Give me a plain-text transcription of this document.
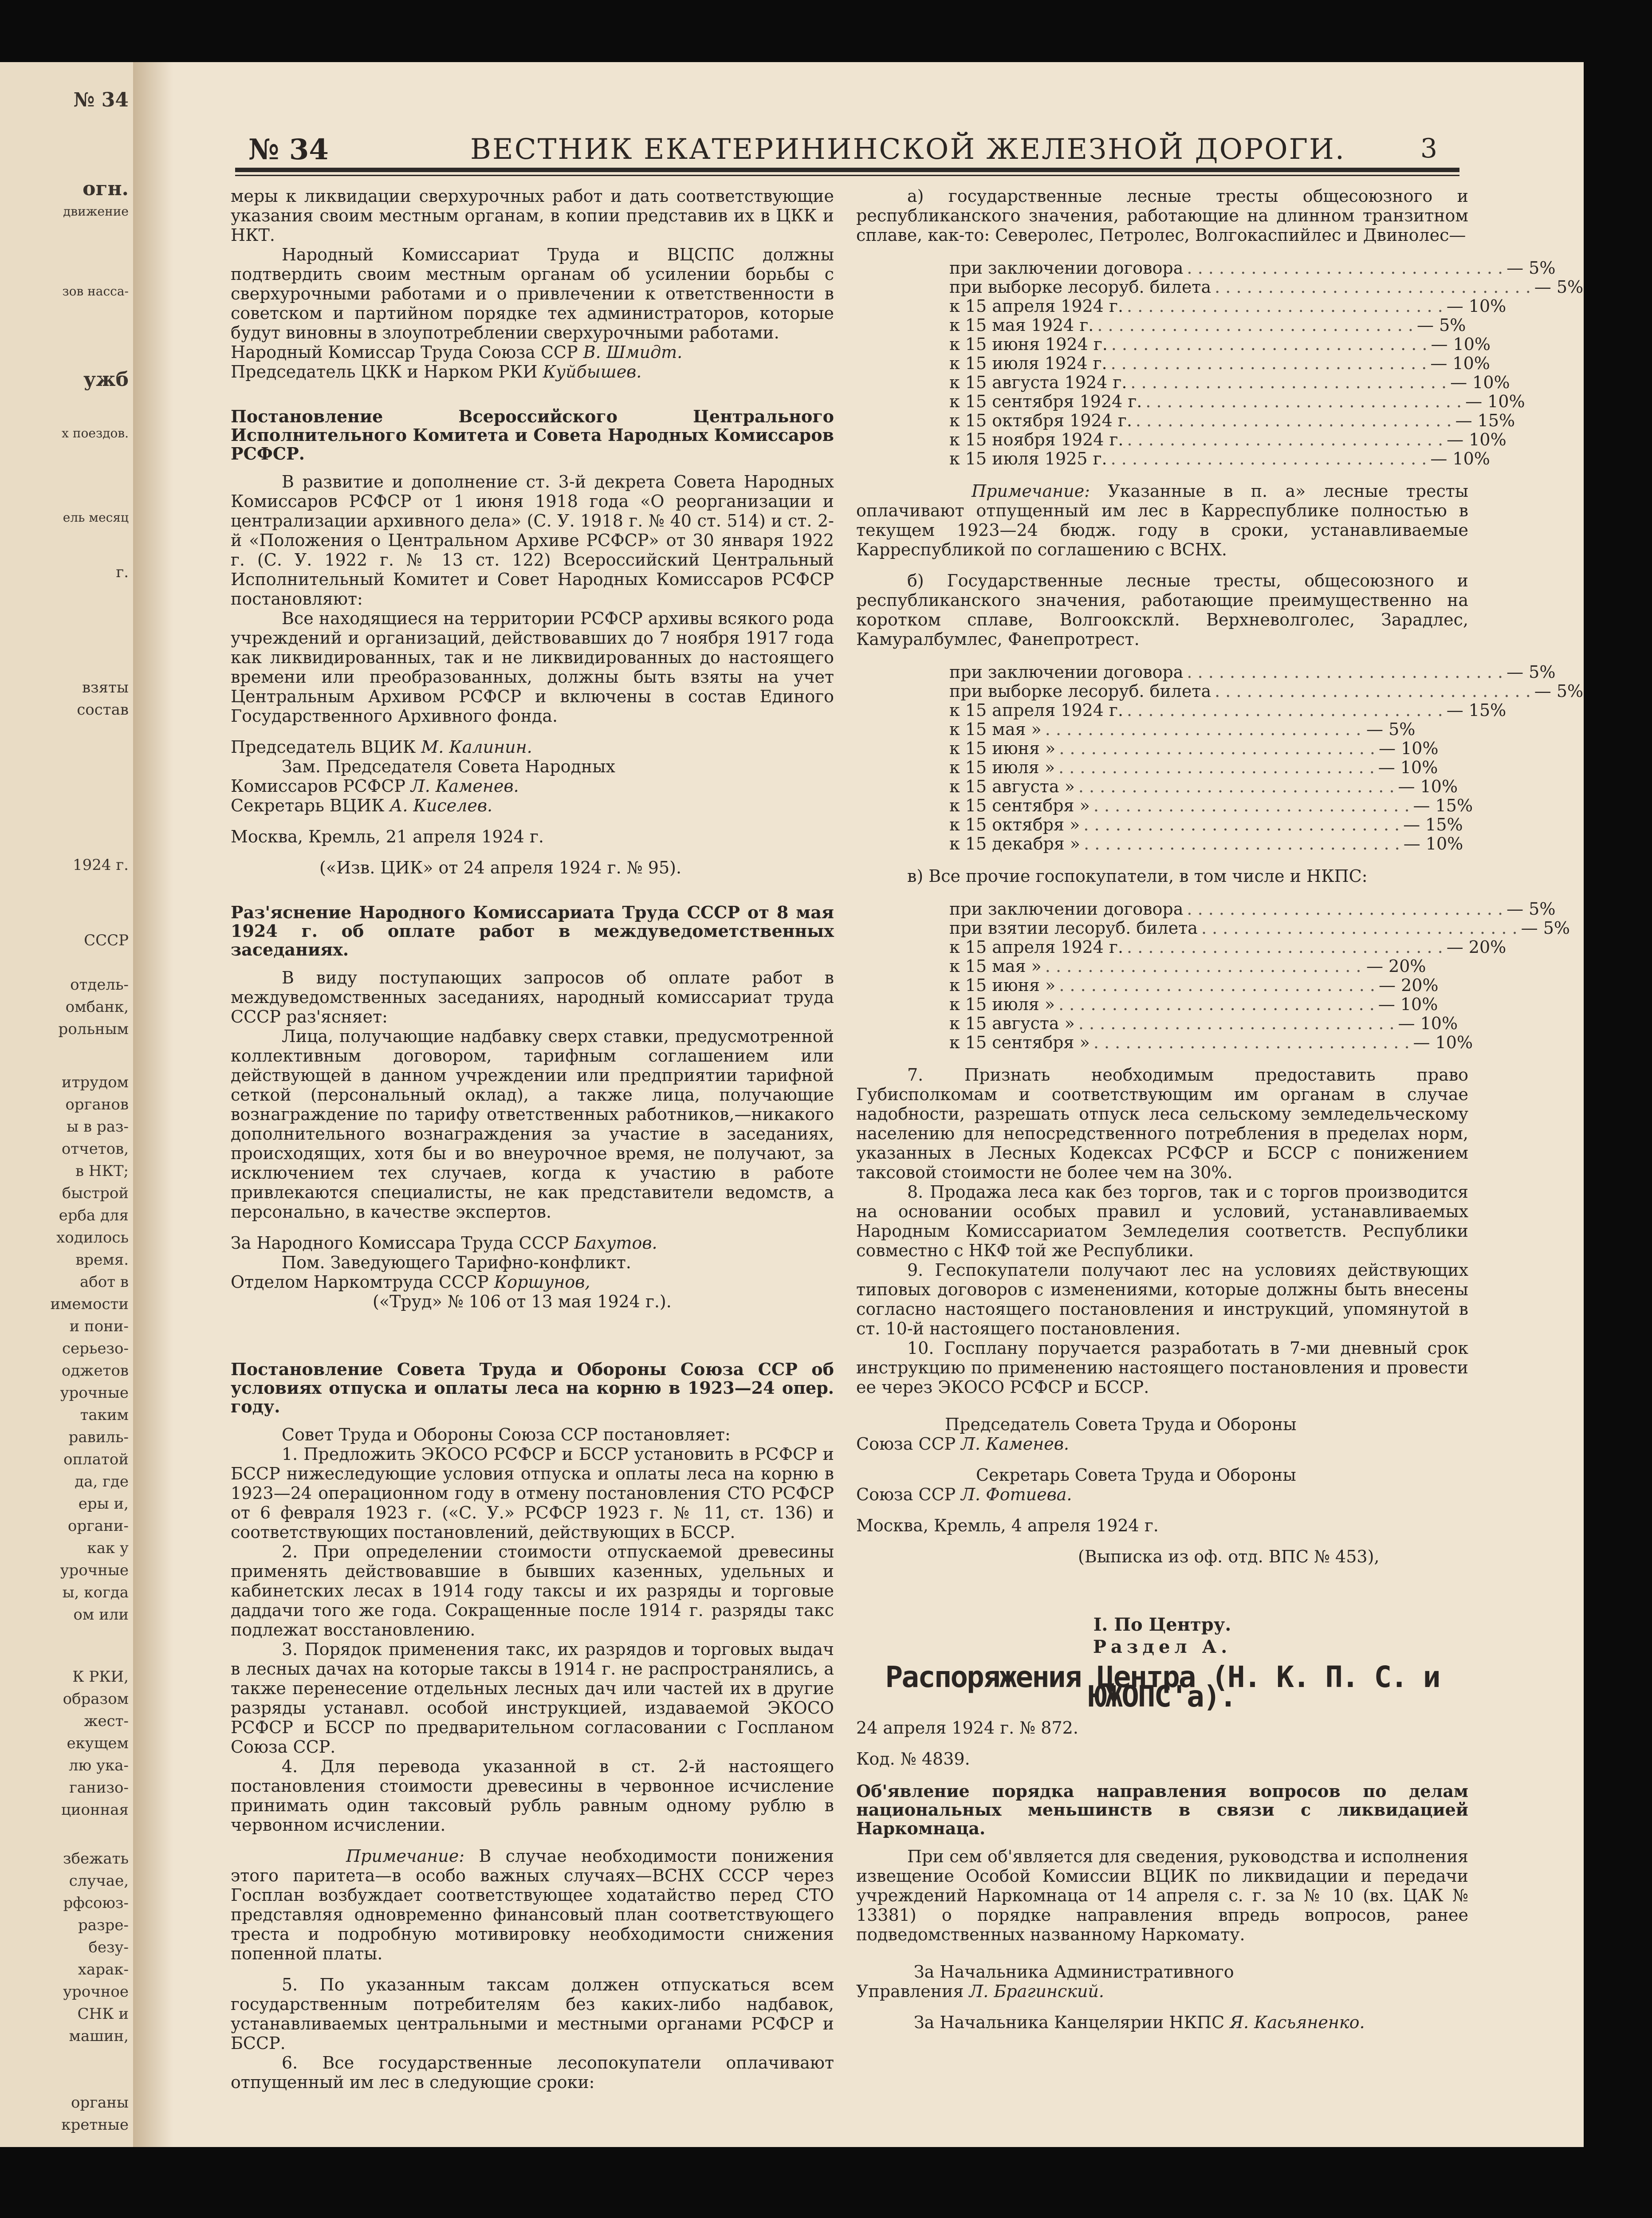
№ 34
огн.
движение
зов насса-
ужб
х поездов.
ель месяц
г.
взяты
состав
1924 г.
СССР
отдель-
омбанк,
рольным
итрудом
органов
ы в раз-
отчетов,
в НКТ;
быстрой
ерба для
ходилось
время.
абот в
имемости
и пони-
серьезо-
оджетов
урочные
таким
равиль-
оплатой
да, где
еры и,
органи-
как у
урочные
ы, когда
ом или
К РКИ,
образом
жест-
екущем
лю ука-
ганизо-
ционная
збежать
случае,
рфсоюз-
разре-
безу-
харак-
урочное
СНК и
машин,
органы
кретные
№ 34	ВЕСТНИК ЕКАТЕРИНИНСКОЙ ЖЕЛЕЗНОЙ ДОРОГИ.	3

меры к ликвидации сверхурочных работ и дать соответствующие указания своим местным органам, в копии представив их в ЦКК и НКТ.

Народный Комиссариат Труда и ВЦСПС должны подтвердить своим местным органам об усилении борьбы с сверхурочными работами и о привлечении к ответственности в советском и партийном порядке тех администраторов, которые будут виновны в злоупотреблении сверхурочными работами.

Народный Комиссар Труда Союза ССР В. Шмидт.

Председатель ЦКК и Нарком РКИ Куйбышев.

Постановление Всероссийского Центрального Исполнительного Комитета и Совета Народных Комиссаров РСФСР.

В развитие и дополнение ст. 3-й декрета Совета Народных Комиссаров РСФСР от 1 июня 1918 года «О реорганизации и централизации архивного дела» (С. У. 1918 г. № 40 ст. 514) и ст. 2-й «Положения о Центральном Архиве РСФСР» от 30 января 1922 г. (С. У. 1922 г. № 13 ст. 122) Всероссийский Центральный Исполнительный Комитет и Совет Народных Комиссаров РСФСР постановляют:

Все находящиеся на территории РСФСР архивы всякого рода учреждений и организаций, действовавших до 7 ноября 1917 года как ликвидированных, так и не ликвидированных до настоящего времени или преобразованных, должны быть взяты на учет Центральным Архивом РСФСР и включены в состав Единого Государственного Архивного фонда.

Председатель ВЦИК М. Калинин.

Зам. Председателя Совета Народных

Комиссаров РСФСР Л. Каменев.

Секретарь ВЦИК А. Киселев.

Москва, Кремль, 21 апреля 1924 г.

(«Изв. ЦИК» от 24 апреля 1924 г. № 95).

Раз'яснение Народного Комиссариата Труда СССР от 8 мая 1924 г. об оплате работ в междуведометственных заседаниях.

В виду поступающих запросов об оплате работ в междуведомственных заседаниях, народный комиссариат труда СССР раз'ясняет:

Лица, получающие надбавку сверх ставки, предусмотренной коллективным договором, тарифным соглашением или действующей в данном учреждении или предприятии тарифной сеткой (персональный оклад), а также лица, получающие вознаграждение по тарифу ответственных работников,—никакого дополнительного вознаграждения за участие в заседаниях, происходящих, хотя бы и во внеурочное время, не получают, за исключением тех случаев, когда к участию в работе привлекаются специалисты, не как представители ведомств, а персонально, в качестве экспертов.

За Народного Комиссара Труда СССР Бахутов.

Пом. Заведующего Тарифно-конфликт.

Отделом Наркомтруда СССР Коршунов,

(«Труд» № 106 от 13 мая 1924 г.).

Постановление Совета Труда и Обороны Союза ССР об условиях отпуска и оплаты леса на корню в 1923—24 опер. году.

Совет Труда и Обороны Союза ССР постановляет:

1. Предложить ЭКОСО РСФСР и БССР установить в РСФСР и БССР нижеследующие условия отпуска и оплаты леса на корню в 1923—24 операционном году в отмену постановления СТО РСФСР от 6 февраля 1923 г. («С. У.» РСФСР 1923 г. № 11, ст. 136) и соответствующих постановлений, действующих в БССР.

2. При определении стоимости отпускаемой древесины применять действовавшие в бывших казенных, удельных и кабинетских лесах в 1914 году таксы и их разряды и торговые даддачи того же года. Сокращенные после 1914 г. разряды такс подлежат восстановлению.

3. Порядок применения такс, их разрядов и торговых выдач в лесных дачах на которые таксы в 1914 г. не распространялись, а также перенесение отдельных лесных дач или частей их в другие разряды устанавл. особой инструкцией, издаваемой ЭКОСО РСФСР и БССР по предварительном согласовании с Госпланом Союза ССР.

4. Для перевода указанной в ст. 2-й настоящего постановления стоимости древесины в червонное исчисление принимать один таксовый рубль равным одному рублю в червонном исчислении.

Примечание: В случае необходимости понижения этого паритета—в особо важных случаях—ВСНХ СССР через Госплан возбуждает соответствующее ходатайство перед СТО представляя одновременно финансовый план соответствующего треста и подробную мотивировку необходимости снижения попенной платы.

5. По указанным таксам должен отпускаться всем государственным потребителям без каких-либо надбавок, устанавливаемых центральными и местными органами РСФСР и БССР.

6. Все государственные лесопокупатели оплачивают отпущенный им лес в следующие сроки:

а) государственные лесные тресты общесоюзного и республиканского значения, работающие на длинном транзитном сплаве, как-то: Северолес, Петролес, Волгокаспийлес и Двинолес—

при заключении договора . . . . . . . . . . . . . . . . . . . . . . . . . . . . . . — 5%
при выборке лесоруб. билета . . . . . . . . . . . . . . . . . . . . . . . . . . . . . . — 5%
к 15 апреля 1924 г. . . . . . . . . . . . . . . . . . . . . . . . . . . . . . . — 10%
к 15 мая 1924 г. . . . . . . . . . . . . . . . . . . . . . . . . . . . . . . — 5%
к 15 июня 1924 г. . . . . . . . . . . . . . . . . . . . . . . . . . . . . . . — 10%
к 15 июля 1924 г. . . . . . . . . . . . . . . . . . . . . . . . . . . . . . . — 10%
к 15 августа 1924 г. . . . . . . . . . . . . . . . . . . . . . . . . . . . . . . — 10%
к 15 сентября 1924 г. . . . . . . . . . . . . . . . . . . . . . . . . . . . . . . — 10%
к 15 октября 1924 г. . . . . . . . . . . . . . . . . . . . . . . . . . . . . . . — 15%
к 15 ноября 1924 г. . . . . . . . . . . . . . . . . . . . . . . . . . . . . . . — 10%
к 15 июля 1925 г. . . . . . . . . . . . . . . . . . . . . . . . . . . . . . . — 10%

Примечание: Указанные в п. а» лесные тресты оплачивают отпущенный им лес в Карреспублике полностью в текущем 1923—24 бюдж. году в сроки, устанавливаемые Карреспубликой по соглашению с ВСНХ.

б) Государственные лесные тресты, общесоюзного и республиканского значения, работающие преимущественно на коротком сплаве, Волгооксклй. Верхневолголес, Зарадлес, Камуралбумлес, Фанепротрест.

при заключении договора . . . . . . . . . . . . . . . . . . . . . . . . . . . . . . — 5%
при выборке лесоруб. билета . . . . . . . . . . . . . . . . . . . . . . . . . . . . . . — 5%
к 15 апреля 1924 г. . . . . . . . . . . . . . . . . . . . . . . . . . . . . . . — 15%
к 15 мая » . . . . . . . . . . . . . . . . . . . . . . . . . . . . . . — 5%
к 15 июня » . . . . . . . . . . . . . . . . . . . . . . . . . . . . . . — 10%
к 15 июля » . . . . . . . . . . . . . . . . . . . . . . . . . . . . . . — 10%
к 15 августа » . . . . . . . . . . . . . . . . . . . . . . . . . . . . . . — 10%
к 15 сентября » . . . . . . . . . . . . . . . . . . . . . . . . . . . . . . — 15%
к 15 октября » . . . . . . . . . . . . . . . . . . . . . . . . . . . . . . — 15%
к 15 декабря » . . . . . . . . . . . . . . . . . . . . . . . . . . . . . . — 10%

в) Все прочие госпокупатели, в том числе и НКПС:

при заключении договора . . . . . . . . . . . . . . . . . . . . . . . . . . . . . . — 5%
при взятии лесоруб. билета . . . . . . . . . . . . . . . . . . . . . . . . . . . . . . — 5%
к 15 апреля 1924 г. . . . . . . . . . . . . . . . . . . . . . . . . . . . . . . — 20%
к 15 мая » . . . . . . . . . . . . . . . . . . . . . . . . . . . . . . — 20%
к 15 июня » . . . . . . . . . . . . . . . . . . . . . . . . . . . . . . — 20%
к 15 июля » . . . . . . . . . . . . . . . . . . . . . . . . . . . . . . — 10%
к 15 августа » . . . . . . . . . . . . . . . . . . . . . . . . . . . . . . — 10%
к 15 сентября » . . . . . . . . . . . . . . . . . . . . . . . . . . . . . . — 10%

7. Признать необходимым предоставить право Губисполкомам и соответствующим им органам в случае надобности, разрешать отпуск леса сельскому земледельческому населению для непосредственного потребления в пределах норм, указанных в Лесных Кодексах РСФСР и БССР с понижением таксовой стоимости не более чем на 30%.

8. Продажа леса как без торгов, так и с торгов производится на основании особых правил и условий, устанавливаемых Народным Комиссариатом Земледелия соответств. Республики совместно с НКФ той же Республики.

9. Геспокупатели получают лес на условиях действующих типовых договоров с изменениями, которые должны быть внесены согласно настоящего постановления и инструкций, упомянутой в ст. 10-й настоящего постановления.

10. Госплану поручается разработать в 7-ми дневный срок инструкцию по применению настоящего постановления и провести ее через ЭКОСО РСФСР и БССР.

Председатель Совета Труда и Обороны

Союза ССР Л. Каменев.

Секретарь Совета Труда и Обороны

Союза ССР Л. Фотиева.

Москва, Кремль, 4 апреля 1924 г.

(Выписка из оф. отд. ВПС № 453),

I. По Центру.
Раздел А.
Распоряжения Центра (Н. К. П. С. и ЮЖОПС'а).

24 апреля 1924 г. № 872.

Код. № 4839.

Об'явление порядка направления вопросов по делам национальных меньшинств в связи с ликвидацией Наркомнаца.

При сем об'является для сведения, руководства и исполнения извещение Особой Комиссии ВЦИК по ликвидации и передачи учреждений Наркомнаца от 14 апреля с. г. за № 10 (вх. ЦАК № 13381) о порядке направления впредь вопросов, ранее подведомственных названному Наркомату.

За Начальника Административного

Управления Л. Брагинский.

За Начальника Канцелярии НКПС Я. Касьяненко.
